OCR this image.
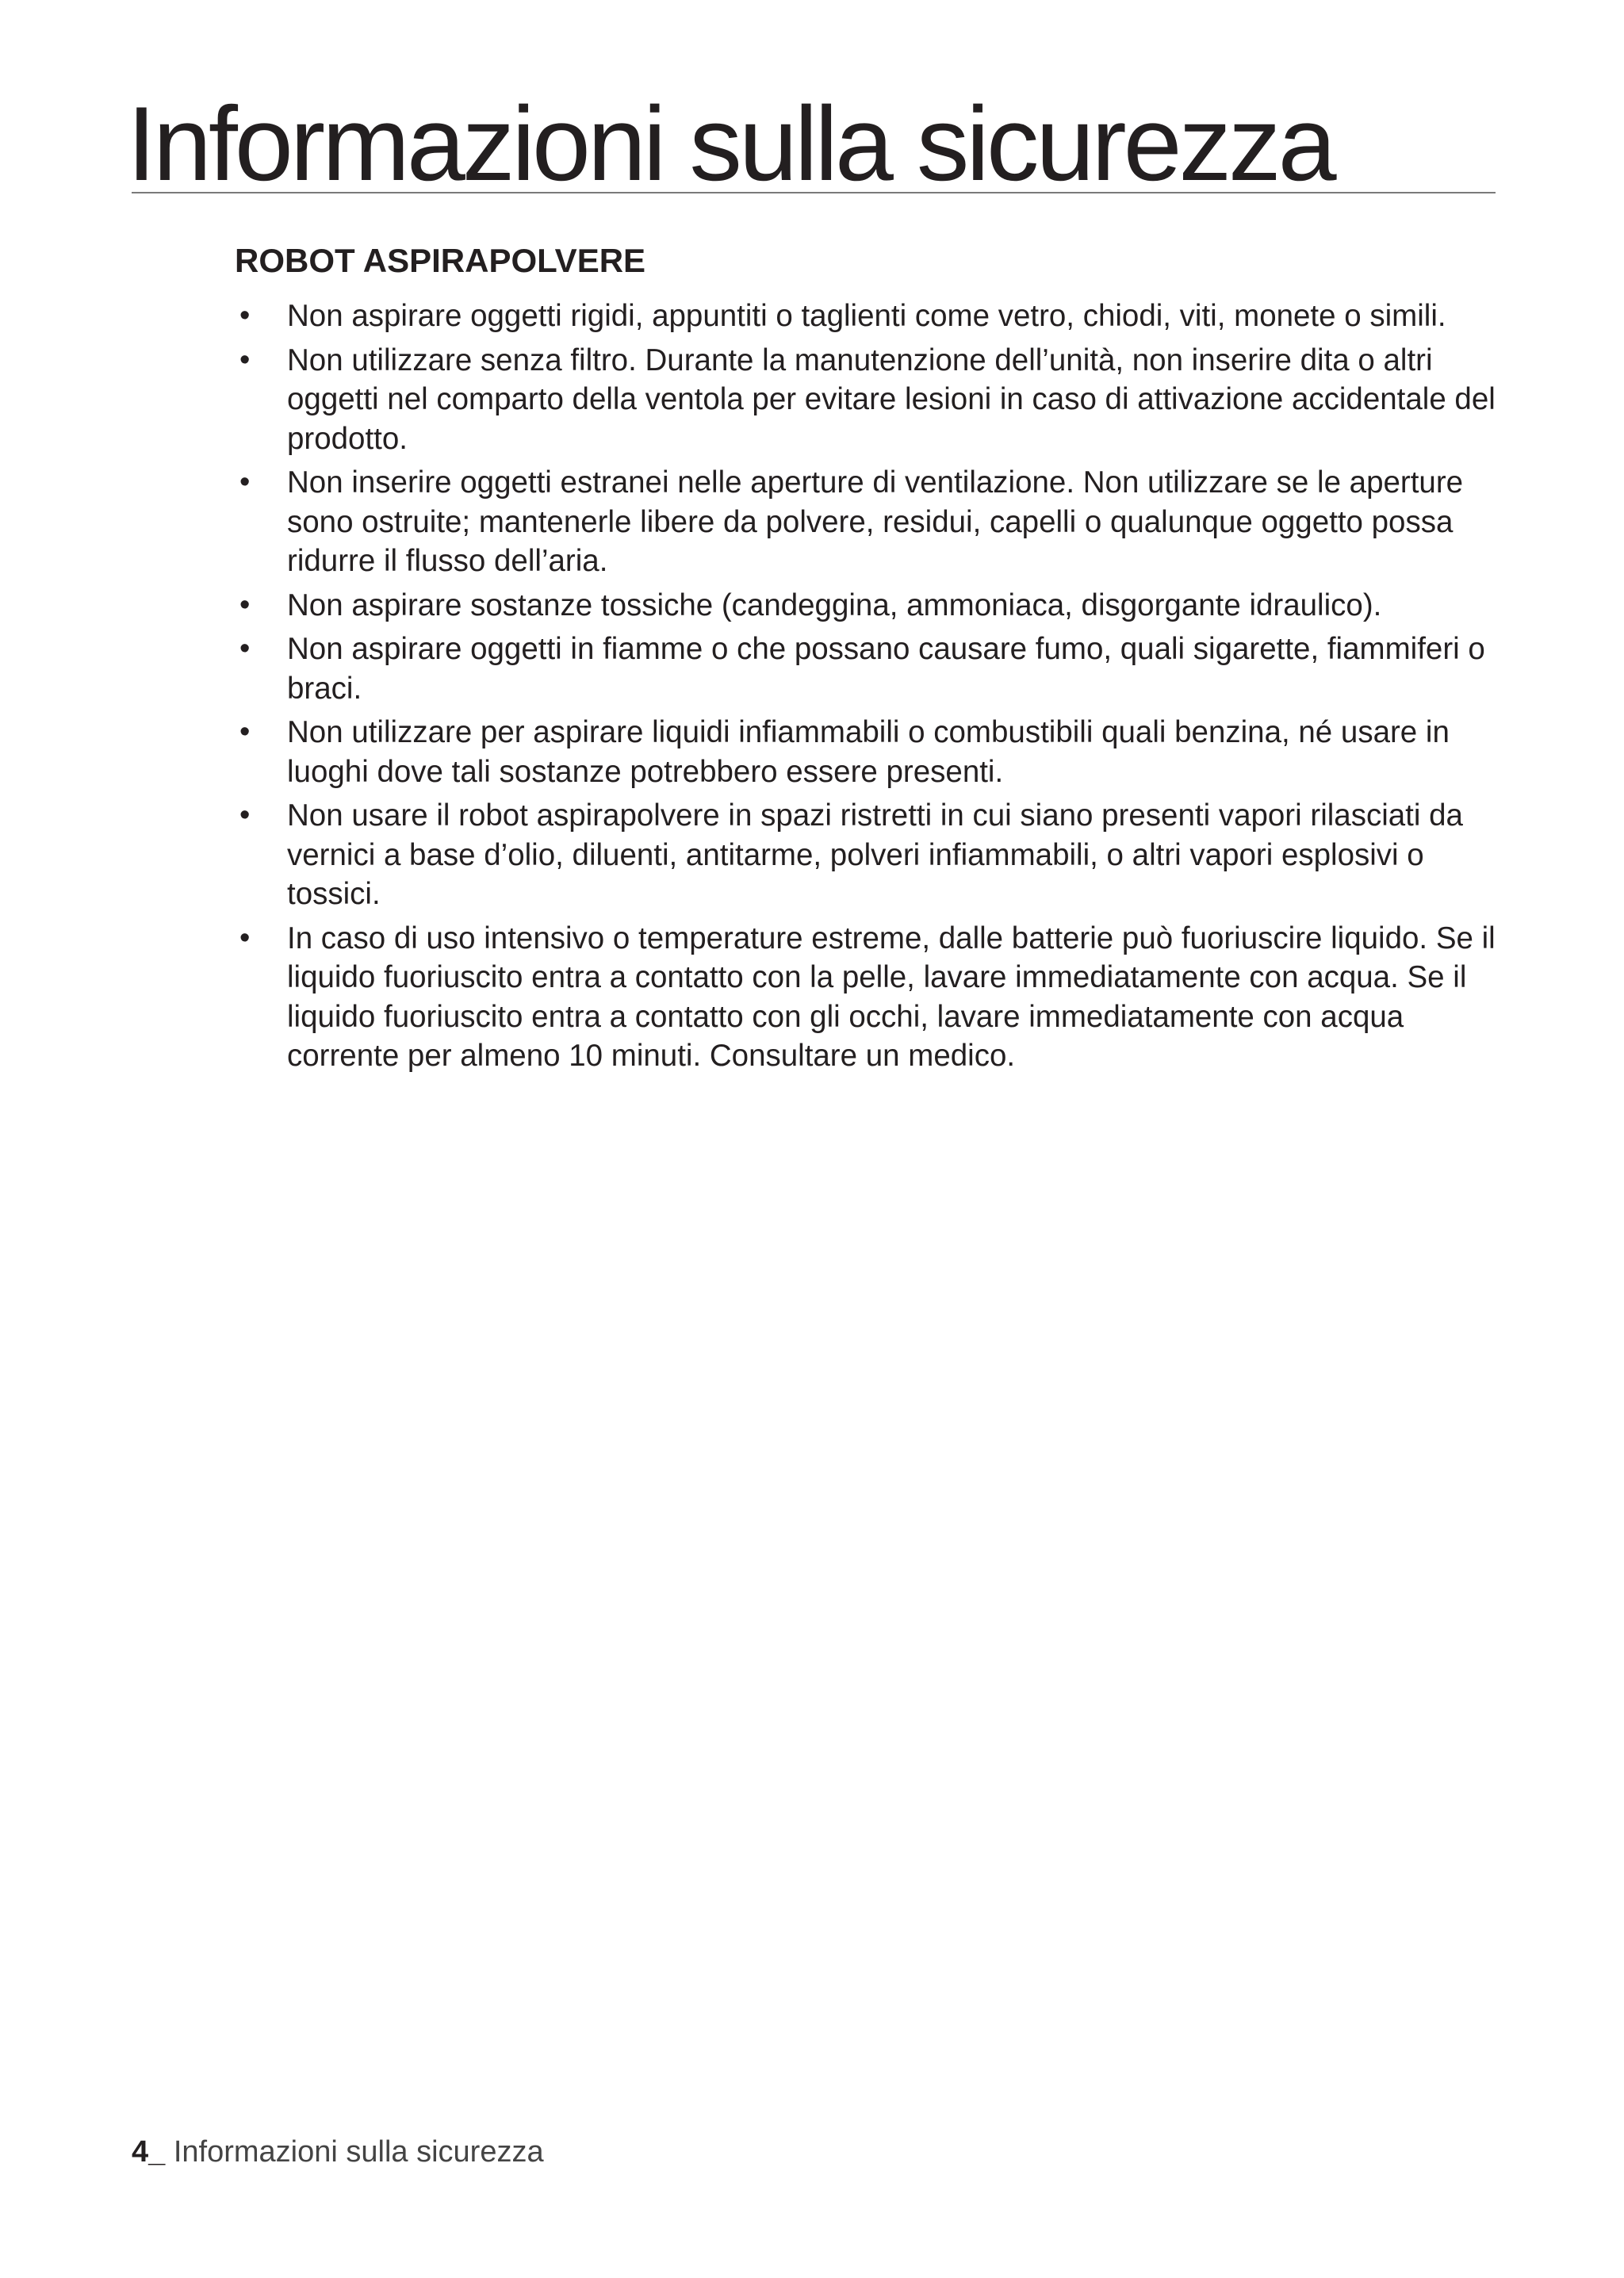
Informazioni sulla sicurezza
ROBOT ASPIRAPOLVERE
• Non aspirare oggetti rigidi, appuntiti o taglienti come vetro, chiodi, viti, monete o simili.
• Non utilizzare senza filtro. Durante la manutenzione dell’unità, non inserire dita o altri oggetti nel comparto della ventola per evitare lesioni in caso di attivazione accidentale del prodotto.
• Non inserire oggetti estranei nelle aperture di ventilazione. Non utilizzare se le aperture sono ostruite; mantenerle libere da polvere, residui, capelli o qualunque oggetto possa ridurre il flusso dell’aria.
• Non aspirare sostanze tossiche (candeggina, ammoniaca, disgorgante idraulico).
• Non aspirare oggetti in fiamme o che possano causare fumo, quali sigarette, fiammiferi o braci.
• Non utilizzare per aspirare liquidi infiammabili o combustibili quali benzina, né usare in luoghi dove tali sostanze potrebbero essere presenti.
• Non usare il robot aspirapolvere in spazi ristretti in cui siano presenti vapori rilasciati da vernici a base d’olio, diluenti, antitarme, polveri infiammabili, o altri vapori esplosivi o tossici.
• In caso di uso intensivo o temperature estreme, dalle batterie può fuoriuscire liquido. Se il liquido fuoriuscito entra a contatto con la pelle, lavare immediatamente con acqua. Se il liquido fuoriuscito entra a contatto con gli occhi, lavare immediatamente con acqua corrente per almeno 10 minuti. Consultare un medico.
4_ Informazioni sulla sicurezza
